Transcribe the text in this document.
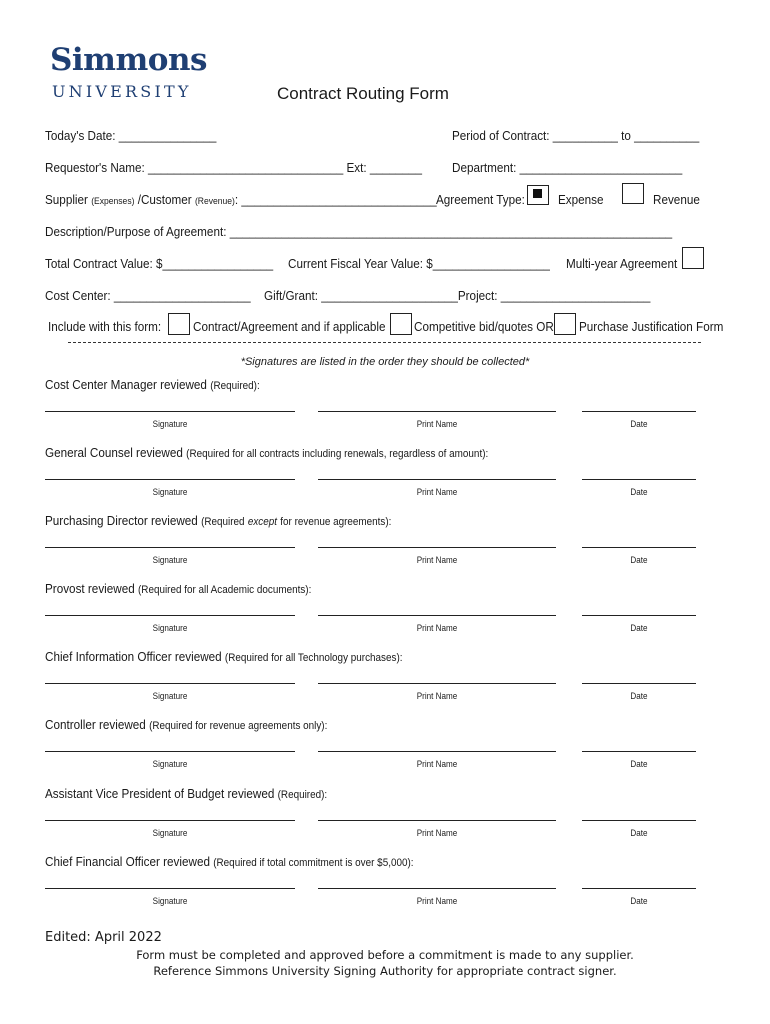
Simmons
UNIVERSITY	Contract Routing Form
Today's Date: _______________	Period of Contract: __________ to __________
Requestor's Name: ______________________________ Ext: ________ Department: _________________________
Supplier (Expenses) /Customer (Revenue): ______________________________ Agreement Type:	Expense	Revenue
Description/Purpose of Agreement: ____________________________________________________________________
Total Contract Value: $_________________ Current Fiscal Year Value: $__________________ Multi-year Agreement
Cost Center: _____________________ Gift/Grant: _____________________Project: _______________________
Include with this form: Contract/Agreement and if applicable Competitive bid/quotes OR Purchase Justification Form
*Signatures are listed in the order they should be collected*
Cost Center Manager reviewed (Required):
Signature	Print Name	Date
General Counsel reviewed (Required for all contracts including renewals, regardless of amount):
Signature	Print Name	Date
Purchasing Director reviewed (Required except for revenue agreements):
Signature	Print Name	Date
Provost reviewed (Required for all Academic documents):
Signature	Print Name	Date
Chief Information Officer reviewed (Required for all Technology purchases):
Signature	Print Name	Date
Controller reviewed (Required for revenue agreements only):
Signature	Print Name	Date
Assistant Vice President of Budget reviewed (Required):
Signature	Print Name	Date
Chief Financial Officer reviewed (Required if total commitment is over $5,000):
Signature	Print Name	Date
Edited: April 2022
Form must be completed and approved before a commitment is made to any supplier.
Reference Simmons University Signing Authority for appropriate contract signer.
